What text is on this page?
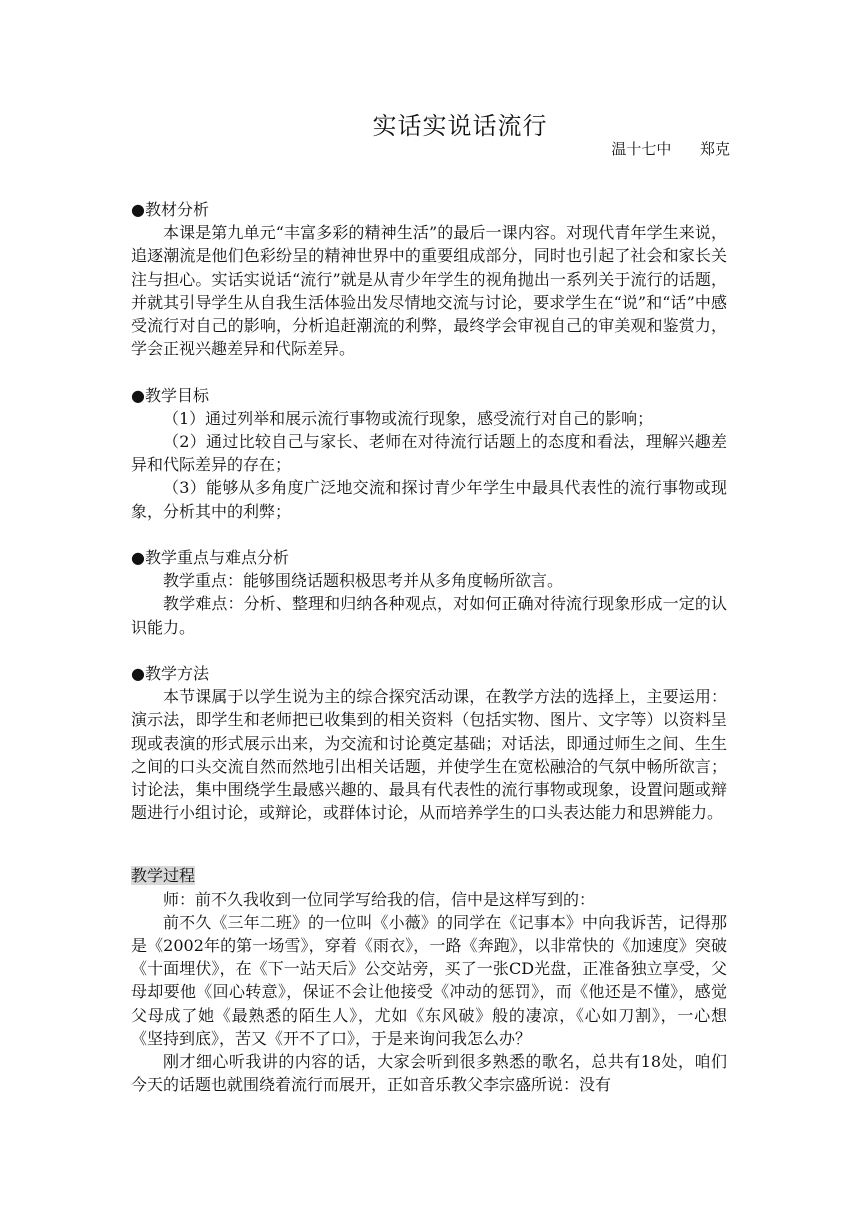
实话实说话流行
温十七中      郑克

●教材分析

本课是第九单元“丰富多彩的精神生活”的最后一课内容。对现代青年学生来说，追逐潮流是他们色彩纷呈的精神世界中的重要组成部分，同时也引起了社会和家长关注与担心。实话实说话“流行”就是从青少年学生的视角抛出一系列关于流行的话题，并就其引导学生从自我生活体验出发尽情地交流与讨论，要求学生在“说”和“话”中感受流行对自己的影响，分析追赶潮流的利弊，最终学会审视自己的审美观和鉴赏力，学会正视兴趣差异和代际差异。

●教学目标

（1）通过列举和展示流行事物或流行现象，感受流行对自己的影响；

（2）通过比较自己与家长、老师在对待流行话题上的态度和看法，理解兴趣差异和代际差异的存在；

（3）能够从多角度广泛地交流和探讨青少年学生中最具代表性的流行事物或现象，分析其中的利弊；

●教学重点与难点分析

教学重点：能够围绕话题积极思考并从多角度畅所欲言。

教学难点：分析、整理和归纳各种观点，对如何正确对待流行现象形成一定的认识能力。

●教学方法

本节课属于以学生说为主的综合探究活动课，在教学方法的选择上，主要运用：演示法，即学生和老师把已收集到的相关资料（包括实物、图片、文字等）以资料呈现或表演的形式展示出来，为交流和讨论奠定基础；对话法，即通过师生之间、生生之间的口头交流自然而然地引出相关话题，并使学生在宽松融洽的气氛中畅所欲言；讨论法，集中围绕学生最感兴趣的、最具有代表性的流行事物或现象，设置问题或辩题进行小组讨论，或辩论，或群体讨论，从而培养学生的口头表达能力和思辨能力。

教学过程

师：前不久我收到一位同学写给我的信，信中是这样写到的：

前不久《三年二班》的一位叫《小薇》的同学在《记事本》中向我诉苦，记得那是《2002年的第一场雪》，穿着《雨衣》，一路《奔跑》，以非常快的《加速度》突破《十面埋伏》，在《下一站天后》公交站旁，买了一张CD光盘，正准备独立享受，父母却要他《回心转意》，保证不会让他接受《冲动的惩罚》，而《他还是不懂》，感觉父母成了她《最熟悉的陌生人》，尤如《东风破》般的凄凉，《心如刀割》，一心想《坚持到底》，苦又《开不了口》，于是来询问我怎么办？

刚才细心听我讲的内容的话，大家会听到很多熟悉的歌名，总共有18处，咱们今天的话题也就围绕着流行而展开，正如音乐教父李宗盛所说：没有
